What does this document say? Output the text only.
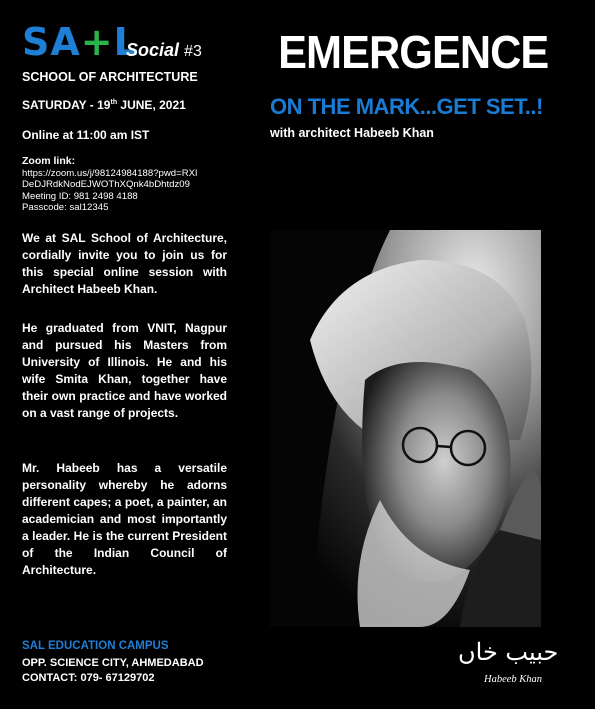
SA+L
Social #3
SCHOOL OF ARCHITECTURE
SATURDAY - 19th JUNE, 2021
Online at 11:00 am IST
Zoom link:
https://zoom.us/j/98124984188?pwd=RXl
DeDJRdkNodEJWOThXQnk4bDhtdz09
Meeting ID: 981 2498 4188
Passcode: sal12345
We at SAL School of Architecture, cordially invite you to join us for this special online session with Architect Habeeb Khan.
He graduated from VNIT, Nagpur and pursued his Masters from University of Illinois. He and his wife Smita Khan, together have their own practice and have worked on a vast range of projects.
Mr. Habeeb has a versatile personality whereby he adorns different capes; a poet, a painter, an academician and most importantly a leader. He is the current President of the Indian Council of Architecture.
SAL EDUCATION CAMPUS
OPP. SCIENCE CITY, AHMEDABAD
CONTACT: 079- 67129702
EMERGENCE
ON THE MARK...GET SET..!
with architect Habeeb Khan
حبیب خاں
Habeeb Khan
